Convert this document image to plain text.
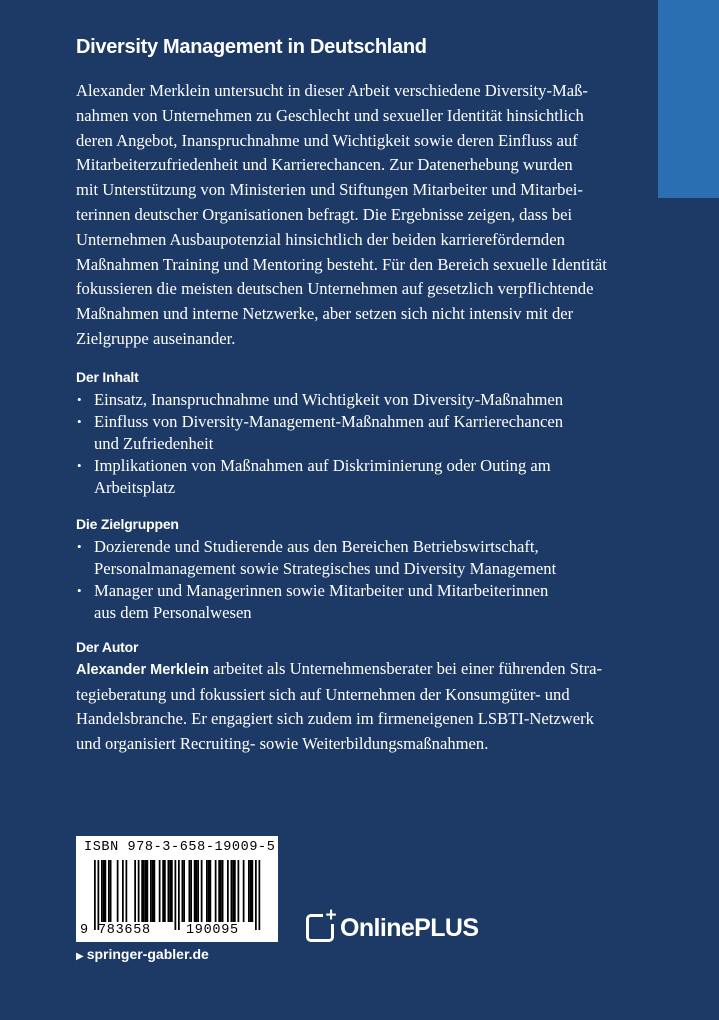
Diversity Management in Deutschland

Alexander Merklein untersucht in dieser Arbeit verschiedene Diversity-Maß-
nahmen von Unternehmen zu Geschlecht und sexueller Identität hinsichtlich
deren Angebot, Inanspruchnahme und Wichtigkeit sowie deren Einfluss auf
Mitarbeiterzufriedenheit und Karrierechancen. Zur Datenerhebung wurden
mit Unterstützung von Ministerien und Stiftungen Mitarbeiter und Mitarbei-
terinnen deutscher Organisationen befragt. Die Ergebnisse zeigen, dass bei
Unternehmen Ausbaupotenzial hinsichtlich der beiden karrierefördernden
Maßnahmen Training und Mentoring besteht. Für den Bereich sexuelle Identität
fokussieren die meisten deutschen Unternehmen auf gesetzlich verpflichtende
Maßnahmen und interne Netzwerke, aber setzen sich nicht intensiv mit der
Zielgruppe auseinander.

Der Inhalt
• Einsatz, Inanspruchnahme und Wichtigkeit von Diversity-Maßnahmen
• Einfluss von Diversity-Management-Maßnahmen auf Karrierechancen
und Zufriedenheit
• Implikationen von Maßnahmen auf Diskriminierung oder Outing am
Arbeitsplatz
Die Zielgruppen
• Dozierende und Studierende aus den Bereichen Betriebswirtschaft,
Personalmanagement sowie Strategisches und Diversity Management
• Manager und Managerinnen sowie Mitarbeiter und Mitarbeiterinnen
aus dem Personalwesen
Der Autor

Alexander Merklein arbeitet als Unternehmensberater bei einer führenden Stra-
tegieberatung und fokussiert sich auf Unternehmen der Konsumgüter- und
Handelsbranche. Er engagiert sich zudem im firmeneigenen LSBTI-Netzwerk
und organisiert Recruiting- sowie Weiterbildungsmaßnahmen.

ISBN 978-3-658-19009-5
9 783658	190095
▶ springer-gabler.de
+ OnlinePLUS
